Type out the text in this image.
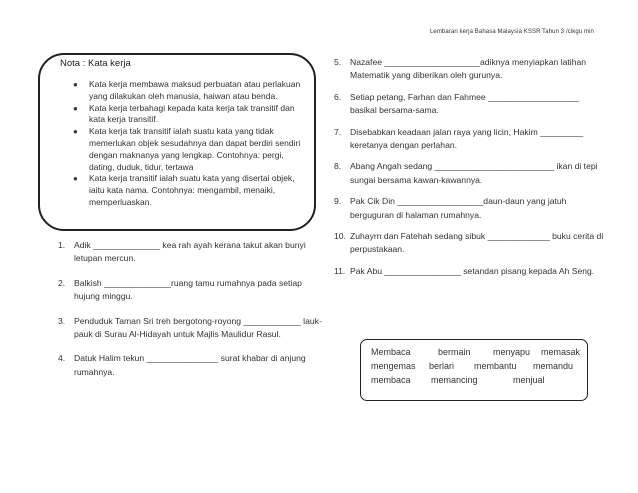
Lembaran kerja Bahasa Malaysia KSSR Tahun 3 /cikgu min
Nota : Kata kerja
● Kata kerja membawa maksud perbuatan atau perlakuan yang dilakukan oleh manusia, haiwan atau benda.
● Kata kerja terbahagi kepada kata kerja tak transitif dan kata kerja transitif.
● Kata kerja tak transitif ialah suatu kata yang tidak memerlukan objek sesudahnya dan dapat berdiri sendiri dengan maknanya yang lengkap. Contohnya: pergi, dating, duduk, tidur, tertawa
● Kata kerja transitif ialah suatu kata yang disertai objek, iaitu kata nama. Contohnya: mengambil, menaiki, memperluaskan.
1.	Adik ______________ kea rah ayah kerana takut akan bunyi letupan mercun.
2.	Balkish ______________ruang tamu rumahnya pada setiap hujung minggu.
3.	Penduduk Taman Sri treh bergotong-royong ____________ lauk-pauk di Surau Al-Hidayah untuk Majlis Maulidur Rasul.
4.	Datuk Halim tekun _______________ surat khabar di anjung rumahnya.
5.	Nazafee ____________________adiknya menyiapkan latihan Matematik yang diberikan oleh gurunya.
6.	Setiap petang, Farhan dan Fahmee ___________________ basikal bersama-sama.
7.	Disebabkan keadaan jalan raya yang licin, Hakim _________ keretanya dengan perlahan.
8.	Abang Angah sedang _________________________ ikan di tepi sungai bersama kawan-kawannya.
9.	Pak Cik Din __________________daun-daun yang jatuh berguguran di halaman rumahnya.
10. Zuhayrn dan Fatehah sedang sibuk _____________ buku cerita di perpustakaan.
11. Pak Abu ________________ setandan pisang kepada Ah Seng.
Membaca	bermain menyapu memasak
mengemas berlari membantu memandu
membaca memancing	menjual
